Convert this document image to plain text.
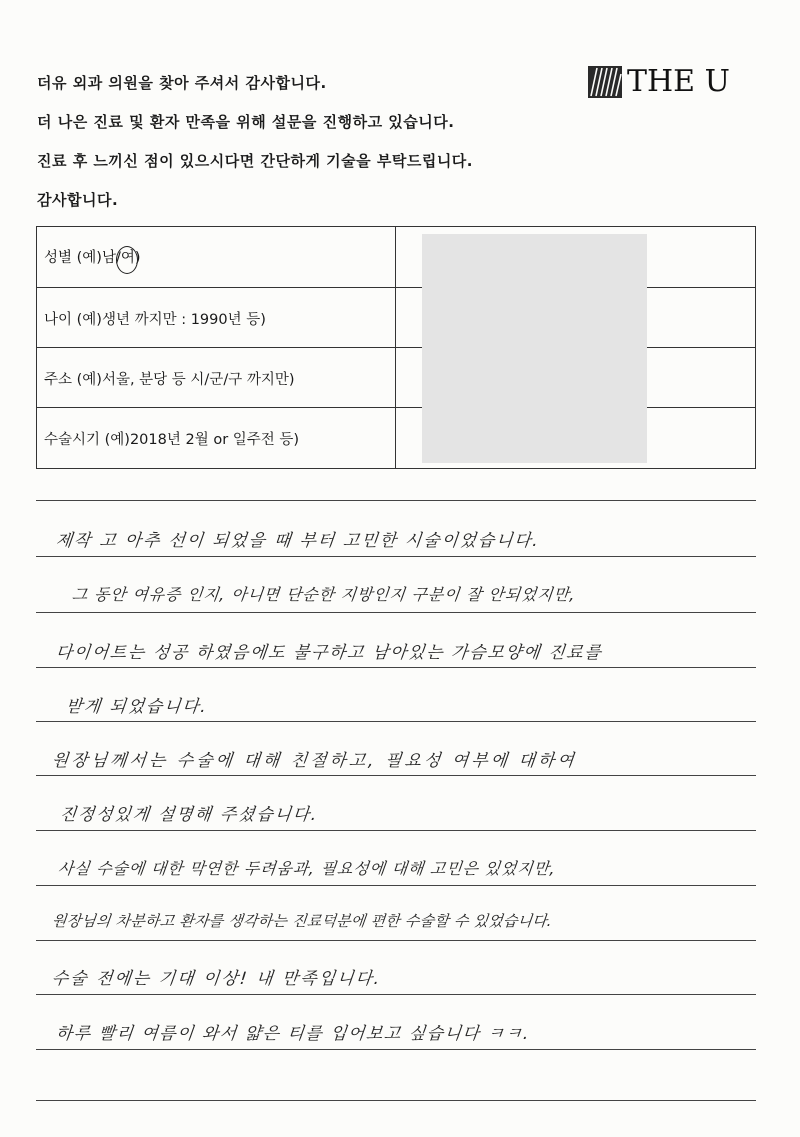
더유 외과 의원을 찾아 주셔서 감사합니다.
더 나은 진료 및 환자 만족을 위해 설문을 진행하고 있습니다.
진료 후 느끼신 점이 있으시다면 간단하게 기술을 부탁드립니다.
감사합니다.
THE U
성별 (예)남/여)
나이 (예)생년 까지만 : 1990년 등)
주소 (예)서울, 분당 등 시/군/구 까지만)
수술시기 (예)2018년 2월 or 일주전 등)
제작 고 아추 선이 되었을 때 부터 고민한 시술이었습니다.
그 동안 여유증 인지, 아니면 단순한 지방인지 구분이 잘 안되었지만,
다이어트는 성공 하였음에도 불구하고 남아있는 가슴모양에 진료를
받게 되었습니다.
원장님께서는 수술에 대해 친절하고, 필요성 여부에 대하여
진정성있게 설명해 주셨습니다.
사실 수술에 대한 막연한 두려움과, 필요성에 대해 고민은 있었지만,
원장님의 차분하고 환자를 생각하는 진료덕분에 편한 수술할 수 있었습니다.
수술 전에는 기대 이상! 내 만족입니다.
하루 빨리 여름이 와서 얇은 티를 입어보고 싶습니다 ㅋㅋ.
